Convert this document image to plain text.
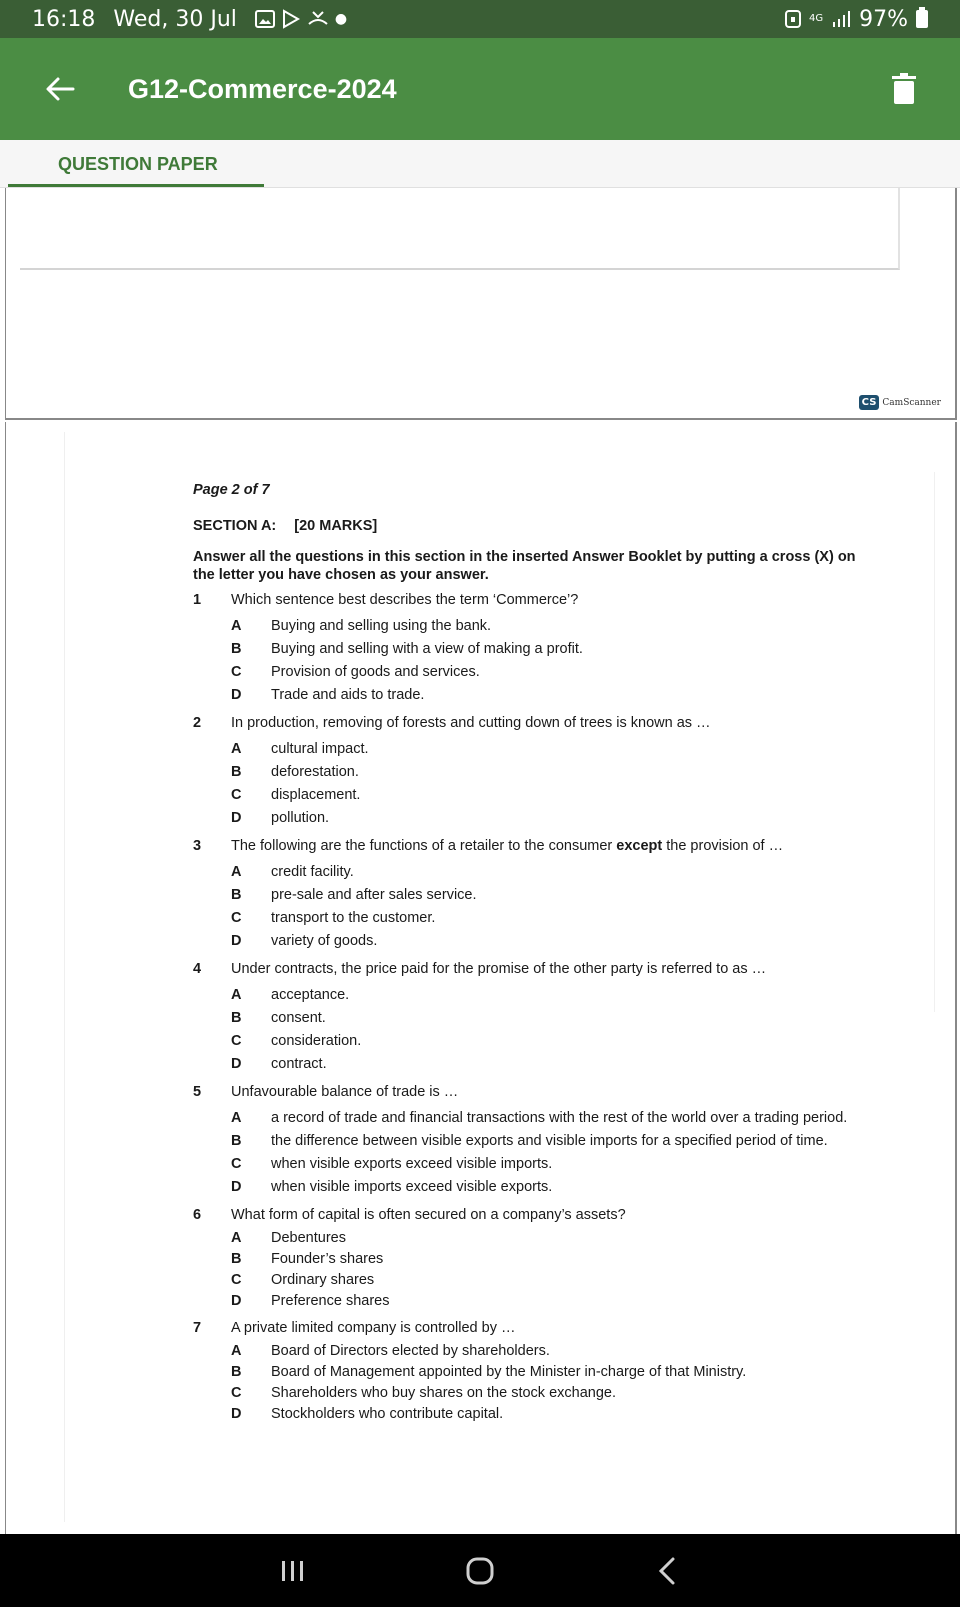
16:18 Wed, 30 Jul	●	4G 97%
G12-Commerce-2024
QUESTION PAPER
CS CamScanner
Page 2 of 7
SECTION A: [20 MARKS]
Answer all the questions in this section in the inserted Answer Booklet by putting a cross (X) on the letter you have chosen as your answer.
1	Which sentence best describes the term ‘Commerce’?
A	Buying and selling using the bank.
B	Buying and selling with a view of making a profit.
C	Provision of goods and services.
D	Trade and aids to trade.
2	In production, removing of forests and cutting down of trees is known as …
A	cultural impact.
B	deforestation.
C	displacement.
D	pollution.
3	The following are the functions of a retailer to the consumer except the provision of …
A	credit facility.
B	pre-sale and after sales service.
C	transport to the customer.
D	variety of goods.
4	Under contracts, the price paid for the promise of the other party is referred to as …
A	acceptance.
B	consent.
C	consideration.
D	contract.
5	Unfavourable balance of trade is …
A	a record of trade and financial transactions with the rest of the world over a trading period.
B	the difference between visible exports and visible imports for a specified period of time.
C	when visible exports exceed visible imports.
D	when visible imports exceed visible exports.
6	What form of capital is often secured on a company’s assets?
A	Debentures
B	Founder’s shares
C	Ordinary shares
D	Preference shares
7	A private limited company is controlled by …
A	Board of Directors elected by shareholders.
B	Board of Management appointed by the Minister in-charge of that Ministry.
C	Shareholders who buy shares on the stock exchange.
D	Stockholders who contribute capital.
